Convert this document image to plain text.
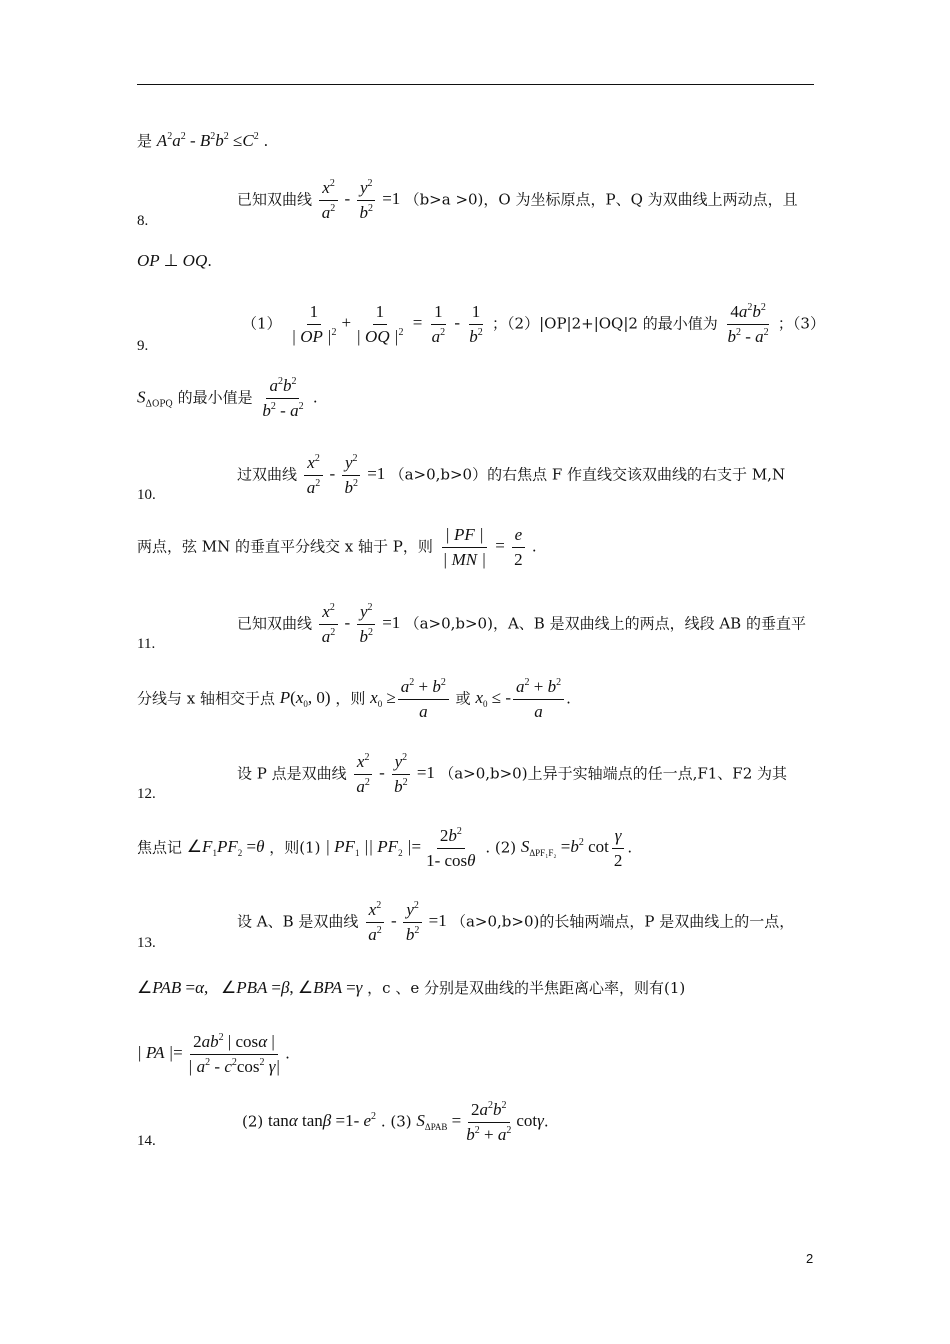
是 $A^2a^2 - B^2b^2 \le C^2$ .
8.
已知双曲线 $\frac{x^2}{a^2} - \frac{y^2}{b^2} =1$ （b>a >0)，O 为坐标原点，P、Q 为双曲线上两动点，且
OP ⊥ OQ.
9.
$(1) \frac{1}{| OP |^2} + \frac{1}{| OQ |^2} = \frac{1}{a^2} - \frac{1}{b^2}$ ；（2）|OP|2+|OQ|2 的最小值为 $\frac{4a^2b^2}{b^2 - a^2}$ ；（3）
$S_{\Delta OPQ}$ 的最小值是 $\frac{a^2b^2}{b^2 - a^2}$ .
10.
过双曲线 $\frac{x^2}{a^2} - \frac{y^2}{b^2} =1$ （a>0,b>0）的右焦点 F 作直线交该双曲线的右支于 M,N
两点，弦 MN 的垂直平分线交 x 轴于 P，则 $\frac{| PF |}{| MN |} = \frac{e}{2}$ .
11.
已知双曲线 $\frac{x^2}{a^2} - \frac{y^2}{b^2} =1$ （a>0,b>0)，A、B 是双曲线上的两点，线段 AB 的垂直平
分线与 x 轴相交于点 $P(x_0$, 0) ，则 $x_0 \ge \frac{a^2 + b^2}{a}$ 或 $x_0$ ≤ - $\frac{a^2 + b^2}{a}$ .
12.
设 P 点是双曲线 $\frac{x^2}{a^2} - \frac{y^2}{b^2} =1$ （a>0,b>0)上异于实轴端点的任一点,F1、F2 为其
焦点记 $\angle F_1PF_2 =\theta$ ，则(1) | $PF_1$ || $PF_2$ |= $\frac{2b^2}{1- \cos\theta}$ . (2) $S_{\Delta PF_1F_2} =b^2$ $\cot \frac{\gamma}{2}$ .
13.
设 A、B 是双曲线 $\frac{x^2}{a^2} - \frac{y^2}{b^2} =1$ （a>0,b>0)的长轴两端点，P 是双曲线上的一点，
∠PAB =α,   ∠PBA =β, ∠BPA =γ ，c 、e 分别是双曲线的半焦距离心率，则有(1)
| PA |= $\frac{2ab^2 | \cos\alpha |}{| a^2 - c^2\cos^2 \gamma|}$ .
14.
(2) tanα tanβ =1- $e^2$ . (3) $S_{\Delta PAB} = \frac{2a^2b^2}{b^2 + a^2} \cot\gamma$.
2
